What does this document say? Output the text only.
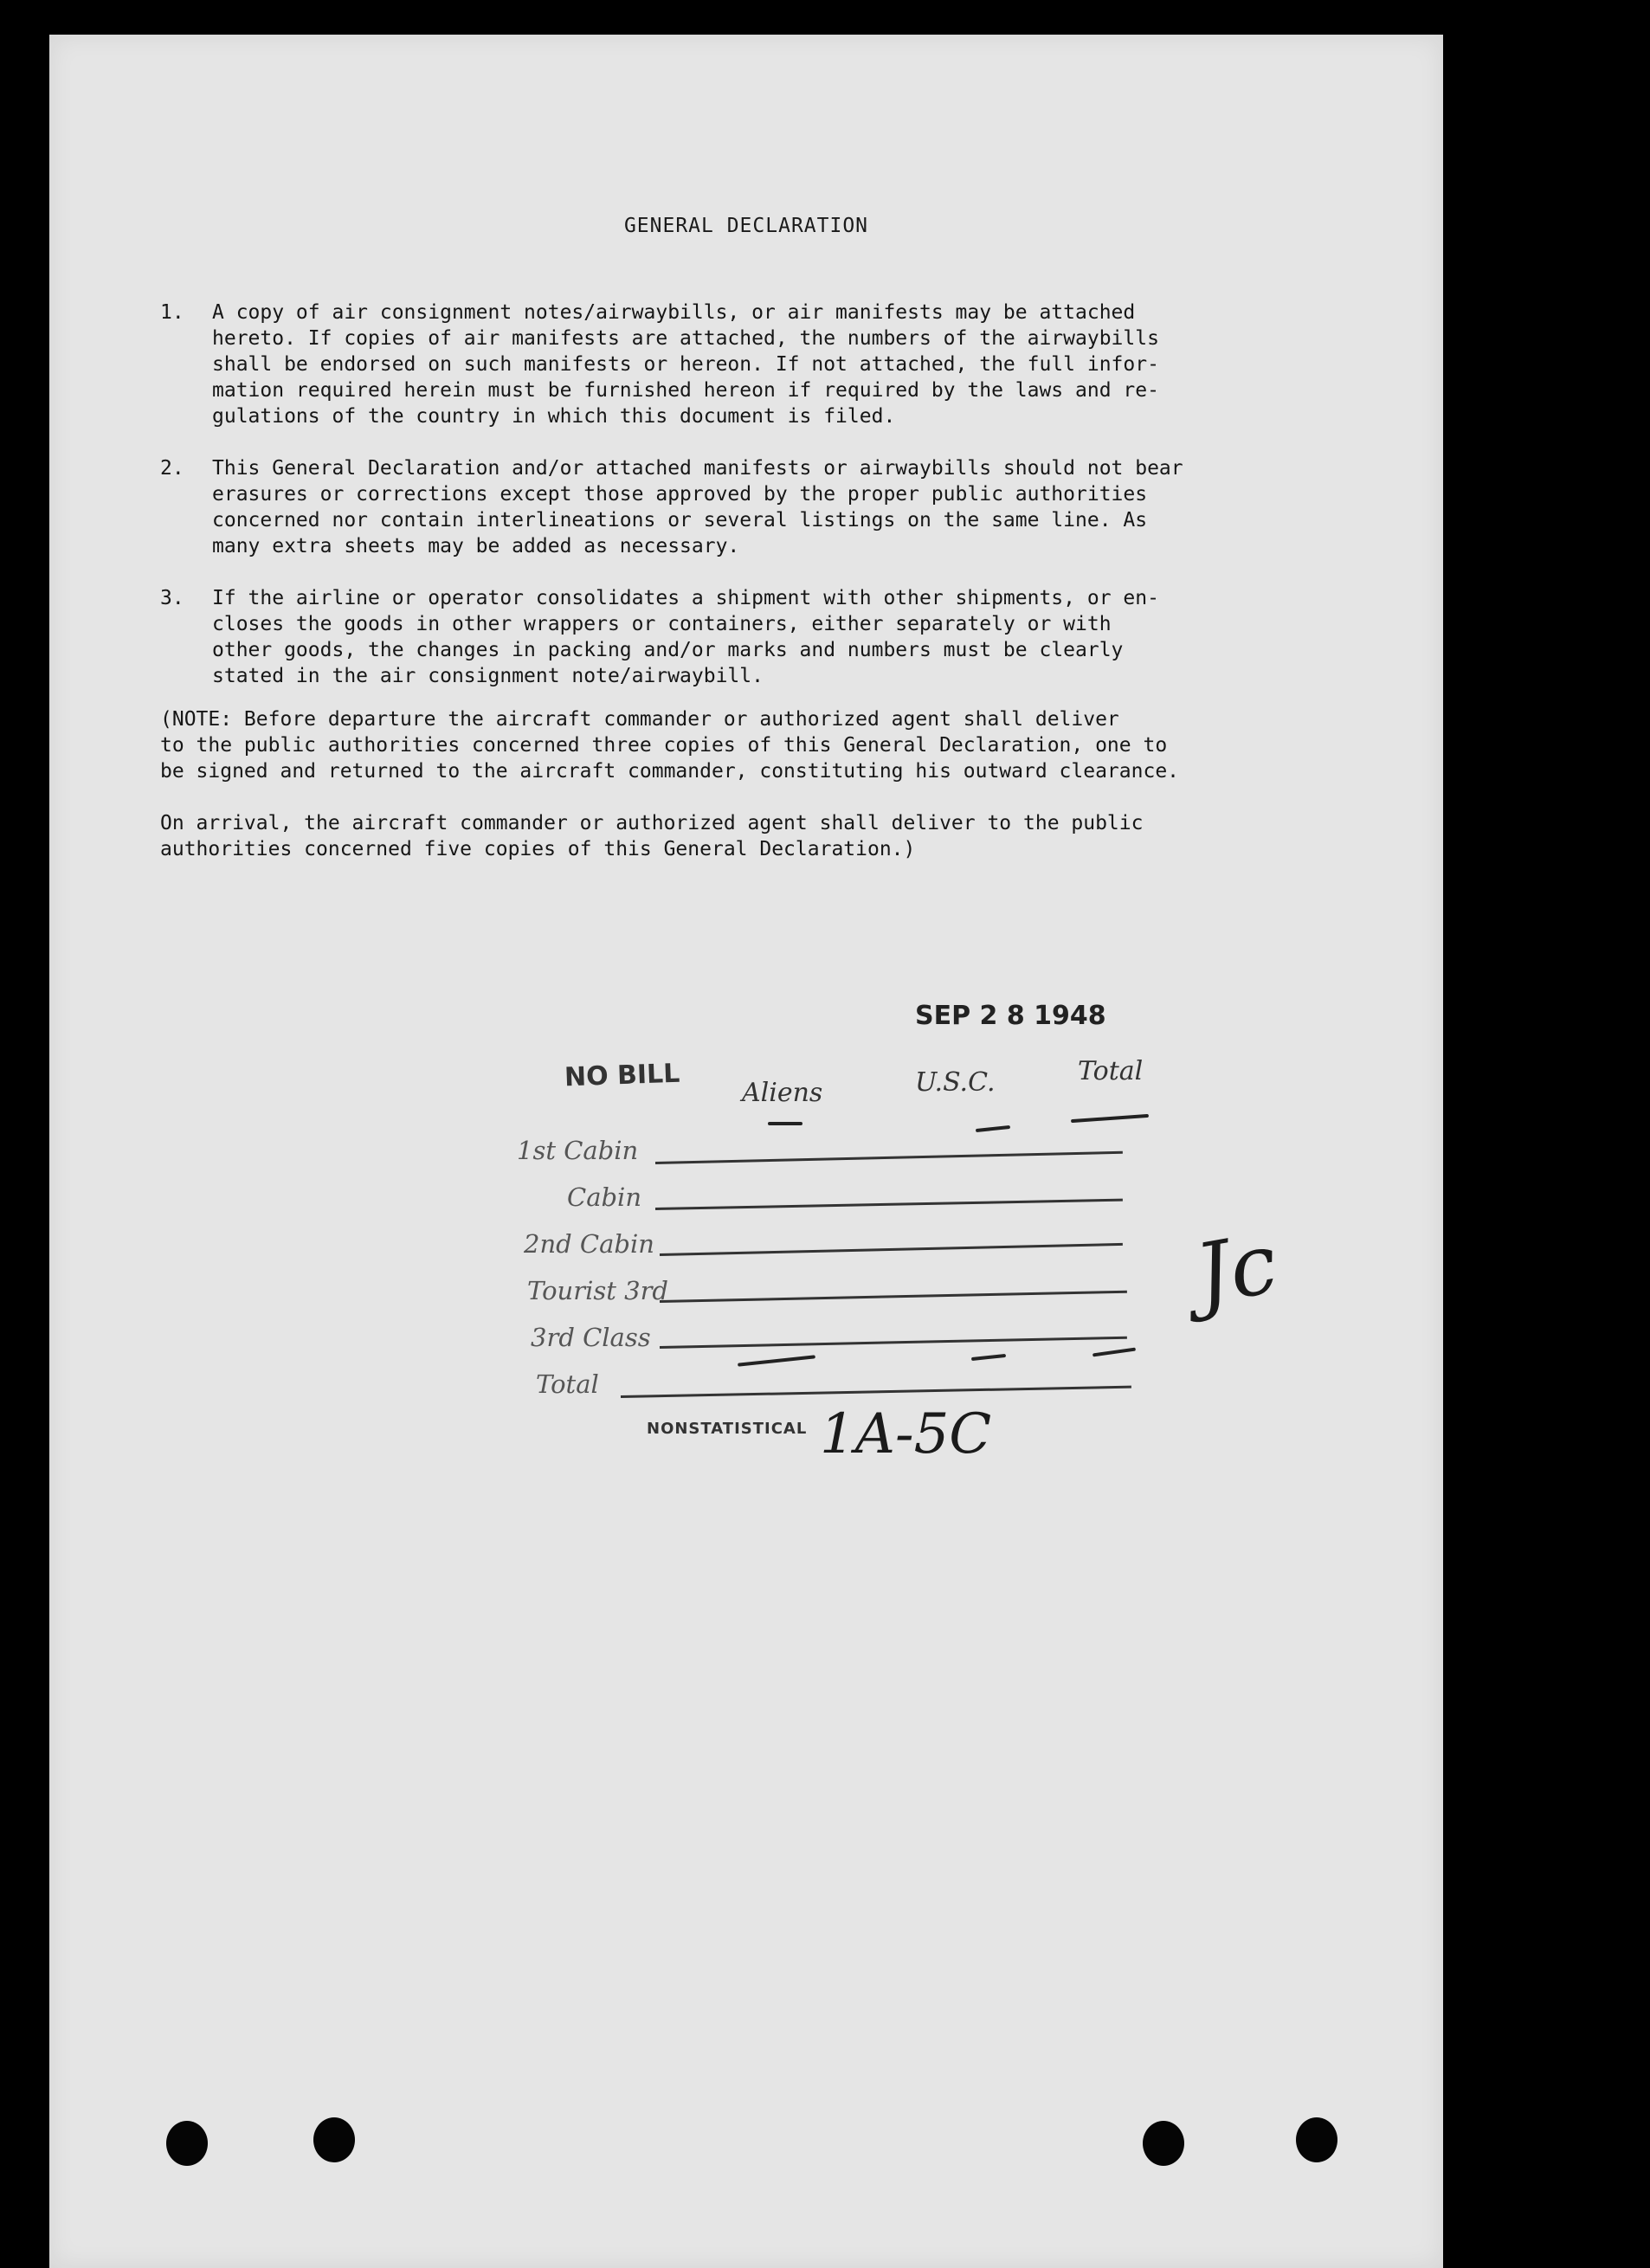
GENERAL DECLARATION
1. A copy of air consignment notes/airwaybills, or air manifests may be attached
hereto. If copies of air manifests are attached, the numbers of the airwaybills
shall be endorsed on such manifests or hereon. If not attached, the full infor-
mation required herein must be furnished hereon if required by the laws and re-
gulations of the country in which this document is filed.
2. This General Declaration and/or attached manifests or airwaybills should not bear
erasures or corrections except those approved by the proper public authorities
concerned nor contain interlineations or several listings on the same line. As
many extra sheets may be added as necessary.
3. If the airline or operator consolidates a shipment with other shipments, or en-
closes the goods in other wrappers or containers, either separately or with
other goods, the changes in packing and/or marks and numbers must be clearly
stated in the air consignment note/airwaybill.
(NOTE: Before departure the aircraft commander or authorized agent shall deliver
to the public authorities concerned three copies of this General Declaration, one to
be signed and returned to the aircraft commander, constituting his outward clearance.
On arrival, the aircraft commander or authorized agent shall deliver to the public
authorities concerned five copies of this General Declaration.)
SEP 2 8 1948
NO BILL
Aliens	U.S.C.	Total
1st Cabin
Cabin
2nd Cabin
Tourist 3rd
3rd Class
Total
NONSTATISTICAL 1A-5C
Jc
